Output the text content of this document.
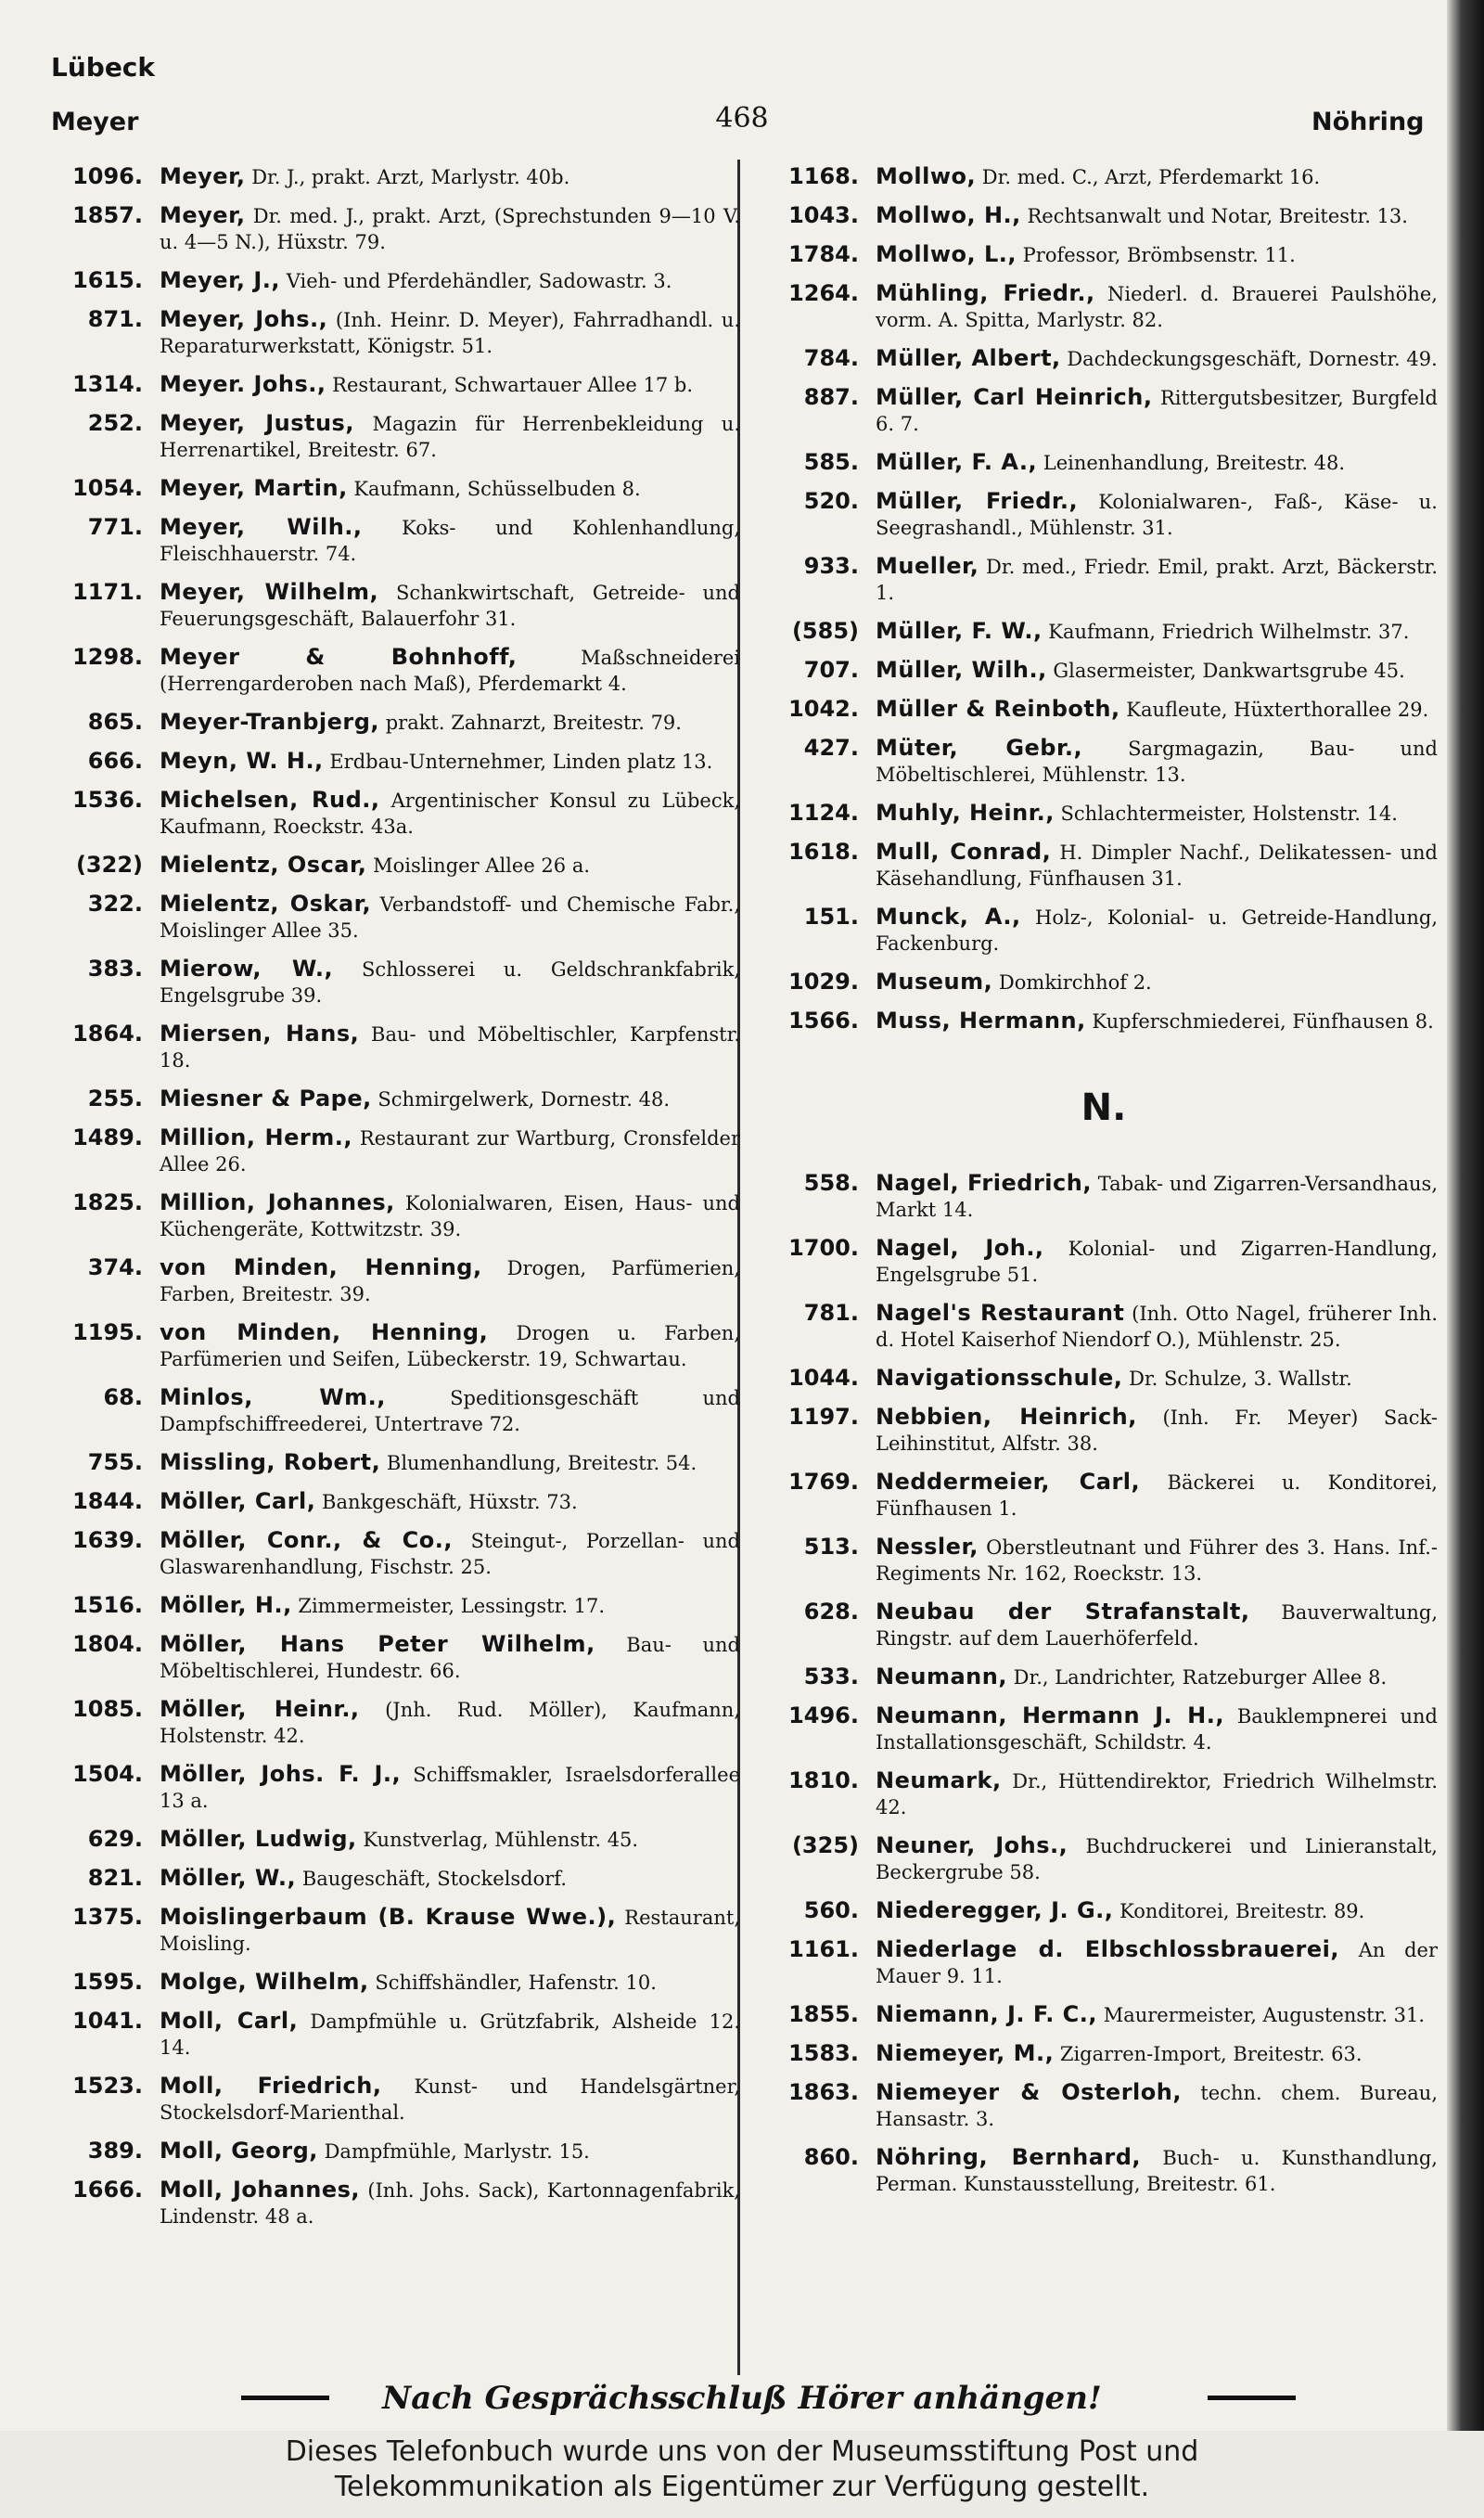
Lübeck
468
Meyer	Nöhring
1096. Meyer, Dr. J., prakt. Arzt, Marlystr. 40b.
1857. Meyer, Dr. med. J., prakt. Arzt, (Sprechstunden 9—10 V. u. 4—5 N.), Hüxstr. 79.
1615. Meyer, J., Vieh- und Pferdehändler, Sadowastr. 3.
871. Meyer, Johs., (Inh. Heinr. D. Meyer), Fahrradhandl. u. Reparaturwerkstatt, Königstr. 51.
1314. Meyer. Johs., Restaurant, Schwartauer Allee 17 b.
252. Meyer, Justus, Magazin für Herrenbekleidung u. Herrenartikel, Breitestr. 67.
1054. Meyer, Martin, Kaufmann, Schüsselbuden 8.
771. Meyer, Wilh., Koks- und Kohlenhandlung, Fleischhauerstr. 74.
1171. Meyer, Wilhelm, Schankwirtschaft, Getreide- und Feuerungsgeschäft, Balauerfohr 31.
1298. Meyer & Bohnhoff, Maßschneiderei (Herrengarderoben nach Maß), Pferdemarkt 4.
865. Meyer-Tranbjerg, prakt. Zahnarzt, Breitestr. 79.
666. Meyn, W. H., Erdbau-Unternehmer, Linden platz 13.
1536. Michelsen, Rud., Argentinischer Konsul zu Lübeck, Kaufmann, Roeckstr. 43a.
(322) Mielentz, Oscar, Moislinger Allee 26 a.
322. Mielentz, Oskar, Verbandstoff- und Chemische Fabr., Moislinger Allee 35.
383. Mierow, W., Schlosserei u. Geldschrankfabrik, Engelsgrube 39.
1864. Miersen, Hans, Bau- und Möbeltischler, Karpfenstr. 18.
255. Miesner & Pape, Schmirgelwerk, Dornestr. 48.
1489. Million, Herm., Restaurant zur Wartburg, Cronsfelder Allee 26.
1825. Million, Johannes, Kolonialwaren, Eisen, Haus- und Küchengeräte, Kottwitzstr. 39.
374. von Minden, Henning, Drogen, Parfümerien, Farben, Breitestr. 39.
1195. von Minden, Henning, Drogen u. Farben, Parfümerien und Seifen, Lübeckerstr. 19, Schwartau.
68. Minlos, Wm., Speditionsgeschäft und Dampfschiffreederei, Untertrave 72.
755. Missling, Robert, Blumenhandlung, Breitestr. 54.
1844. Möller, Carl, Bankgeschäft, Hüxstr. 73.
1639. Möller, Conr., & Co., Steingut-, Porzellan- und Glaswarenhandlung, Fischstr. 25.
1516. Möller, H., Zimmermeister, Lessingstr. 17.
1804. Möller, Hans Peter Wilhelm, Bau- und Möbeltischlerei, Hundestr. 66.
1085. Möller, Heinr., (Jnh. Rud. Möller), Kaufmann, Holstenstr. 42.
1504. Möller, Johs. F. J., Schiffsmakler, Israelsdorferallee 13 a.
629. Möller, Ludwig, Kunstverlag, Mühlenstr. 45.
821. Möller, W., Baugeschäft, Stockelsdorf.
1375. Moislingerbaum (B. Krause Wwe.), Restaurant, Moisling.
1595. Molge, Wilhelm, Schiffshändler, Hafenstr. 10.
1041. Moll, Carl, Dampfmühle u. Grützfabrik, Alsheide 12. 14.
1523. Moll, Friedrich, Kunst- und Handelsgärtner, Stockelsdorf-Marienthal.
389. Moll, Georg, Dampfmühle, Marlystr. 15.
1666. Moll, Johannes, (Inh. Johs. Sack), Kartonnagenfabrik, Lindenstr. 48 a.
1168. Mollwo, Dr. med. C., Arzt, Pferdemarkt 16.
1043. Mollwo, H., Rechtsanwalt und Notar, Breitestr. 13.
1784. Mollwo, L., Professor, Brömbsenstr. 11.
1264. Mühling, Friedr., Niederl. d. Brauerei Paulshöhe, vorm. A. Spitta, Marlystr. 82.
784. Müller, Albert, Dachdeckungsgeschäft, Dornestr. 49.
887. Müller, Carl Heinrich, Rittergutsbesitzer, Burgfeld 6. 7.
585. Müller, F. A., Leinenhandlung, Breitestr. 48.
520. Müller, Friedr., Kolonialwaren-, Faß-, Käse- u. Seegrashandl., Mühlenstr. 31.
933. Mueller, Dr. med., Friedr. Emil, prakt. Arzt, Bäckerstr. 1.
(585) Müller, F. W., Kaufmann, Friedrich Wilhelmstr. 37.
707. Müller, Wilh., Glasermeister, Dankwartsgrube 45.
1042. Müller & Reinboth, Kaufleute, Hüxterthorallee 29.
427. Müter, Gebr., Sargmagazin, Bau- und Möbeltischlerei, Mühlenstr. 13.
1124. Muhly, Heinr., Schlachtermeister, Holstenstr. 14.
1618. Mull, Conrad, H. Dimpler Nachf., Delikatessen- und Käsehandlung, Fünfhausen 31.
151. Munck, A., Holz-, Kolonial- u. Getreide-Handlung, Fackenburg.
1029. Museum, Domkirchhof 2.
1566. Muss, Hermann, Kupferschmiederei, Fünfhausen 8.
N.
558. Nagel, Friedrich, Tabak- und Zigarren-Versandhaus, Markt 14.
1700. Nagel, Joh., Kolonial- und Zigarren-Handlung, Engelsgrube 51.
781. Nagel's Restaurant (Inh. Otto Nagel, früherer Inh. d. Hotel Kaiserhof Niendorf O.), Mühlenstr. 25.
1044. Navigationsschule, Dr. Schulze, 3. Wallstr.
1197. Nebbien, Heinrich, (Inh. Fr. Meyer) Sack-Leihinstitut, Alfstr. 38.
1769. Neddermeier, Carl, Bäckerei u. Konditorei, Fünfhausen 1.
513. Nessler, Oberstleutnant und Führer des 3. Hans. Inf.-Regiments Nr. 162, Roeckstr. 13.
628. Neubau der Strafanstalt, Bauverwaltung, Ringstr. auf dem Lauerhöferfeld.
533. Neumann, Dr., Landrichter, Ratzeburger Allee 8.
1496. Neumann, Hermann J. H., Bauklempnerei und Installationsgeschäft, Schildstr. 4.
1810. Neumark, Dr., Hüttendirektor, Friedrich Wilhelmstr. 42.
(325) Neuner, Johs., Buchdruckerei und Linieranstalt, Beckergrube 58.
560. Niederegger, J. G., Konditorei, Breitestr. 89.
1161. Niederlage d. Elbschlossbrauerei, An der Mauer 9. 11.
1855. Niemann, J. F. C., Maurermeister, Augustenstr. 31.
1583. Niemeyer, M., Zigarren-Import, Breitestr. 63.
1863. Niemeyer & Osterloh, techn. chem. Bureau, Hansastr. 3.
860. Nöhring, Bernhard, Buch- u. Kunsthandlung, Perman. Kunstausstellung, Breitestr. 61.
Nach Gesprächsschluß Hörer anhängen!
Dieses Telefonbuch wurde uns von der Museumsstiftung Post und
Telekommunikation als Eigentümer zur Verfügung gestellt.
